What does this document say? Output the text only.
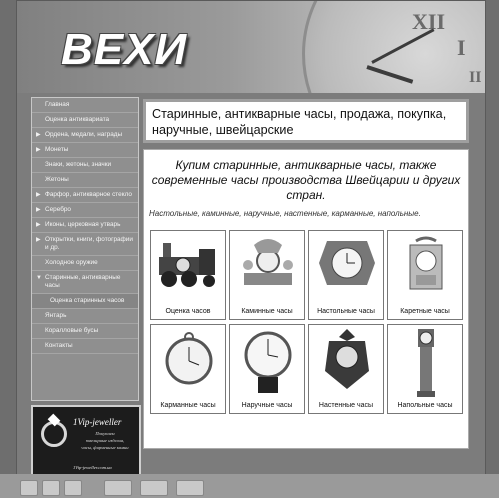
XII
I
II
ВЕХИ
Главная
Оценка антиквариата
▶ Ордена, медали, награды
▶ Монеты
Знаки, жетоны, значки
Жетоны
▶ Фарфор, антикварное стекло
▶ Серебро
▶ Иконы, церковная утварь
▶ Открытки, книги, фотографии и др.
Холодное оружие
▼ Старинные, антикварные часы
Оценка старинных часов
Янтарь
Коралловые бусы
Контакты
1Vip-jeweller
Покупаем
ювелирные изделия,
часы, фирменные камни
1Vip-jeweller.com.ua
Старинные, антикварные часы, продажа, покупка, наручные, швейцарские
Купим старинные, антикварные часы, также современные часы производства Швейцарии и других стран.
Настольные, каминные, наручные, настенные, карманные, напольные.
Оценка часов	Каминные часы	Настольные часы	Каретные часы
Карманные часы	Наручные часы	Настенные часы	Напольные часы
